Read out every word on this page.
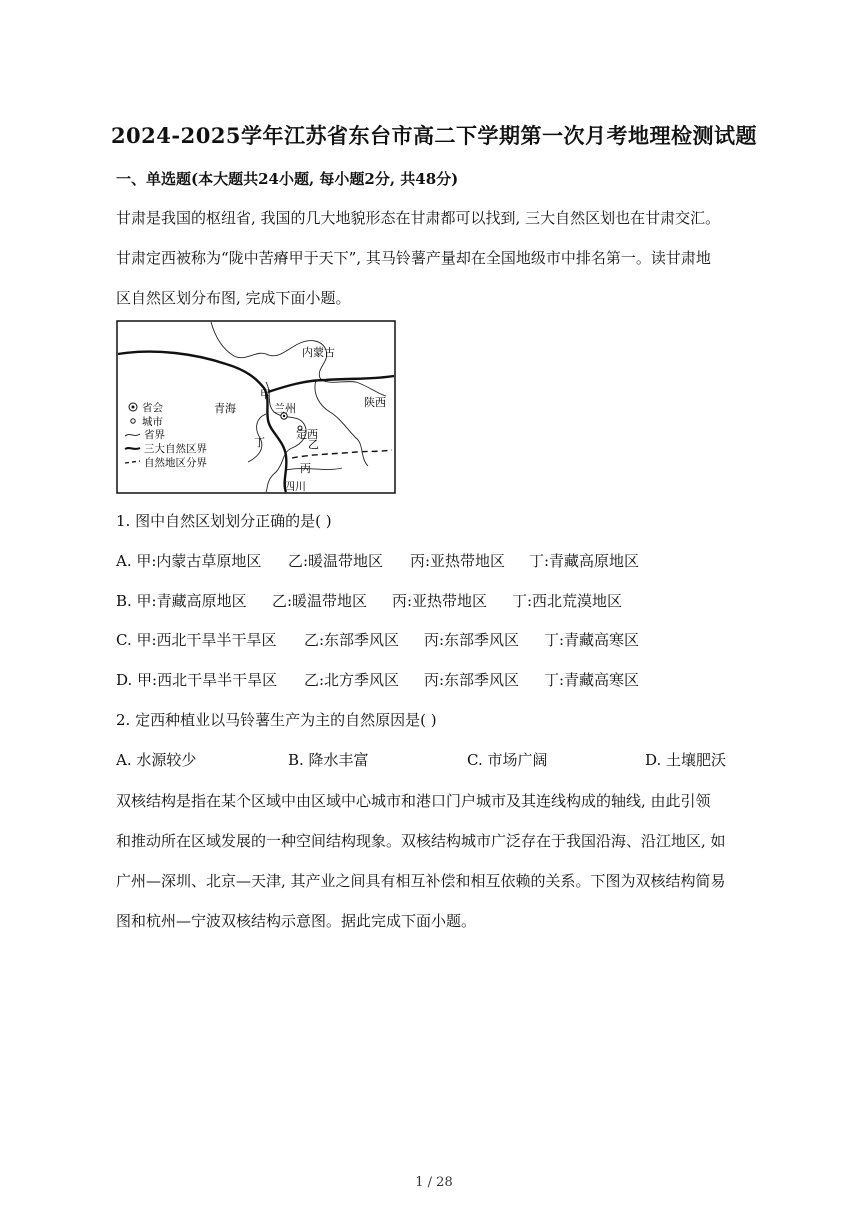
2024-2025学年江苏省东台市高二下学期第一次月考地理检测试题
一、单选题(本大题共24小题, 每小题2分, 共48分)
甘肃是我国的枢纽省, 我国的几大地貌形态在甘肃都可以找到, 三大自然区划也在甘肃交汇。
甘肃定西被称为“陇中苦瘠甲于天下”, 其马铃薯产量却在全国地级市中排名第一。读甘肃地
区自然区划分布图, 完成下面小题。
内蒙古
青海	陕西
四川
兰州
定西
甲
乙
丙
丁
省会
城市
省界
三大自然区界
自然地区分界
1. 图中自然区划划分正确的是( )
A. 甲:内蒙古草原地区 乙:暖温带地区 丙:亚热带地区 丁:青藏高原地区
B. 甲:青藏高原地区 乙:暖温带地区 丙:亚热带地区 丁:西北荒漠地区
C. 甲:西北干旱半干旱区 乙:东部季风区 丙:东部季风区 丁:青藏高寒区
D. 甲:西北干旱半干旱区 乙:北方季风区 丙:东部季风区 丁:青藏高寒区
2. 定西种植业以马铃薯生产为主的自然原因是( )
A. 水源较少	B. 降水丰富	C. 市场广阔	D. 土壤肥沃
双核结构是指在某个区域中由区域中心城市和港口门户城市及其连线构成的轴线, 由此引领
和推动所在区域发展的一种空间结构现象。双核结构城市广泛存在于我国沿海、沿江地区, 如
广州—深圳、北京—天津, 其产业之间具有相互补偿和相互依赖的关系。下图为双核结构简易
图和杭州—宁波双核结构示意图。据此完成下面小题。
1 / 28
